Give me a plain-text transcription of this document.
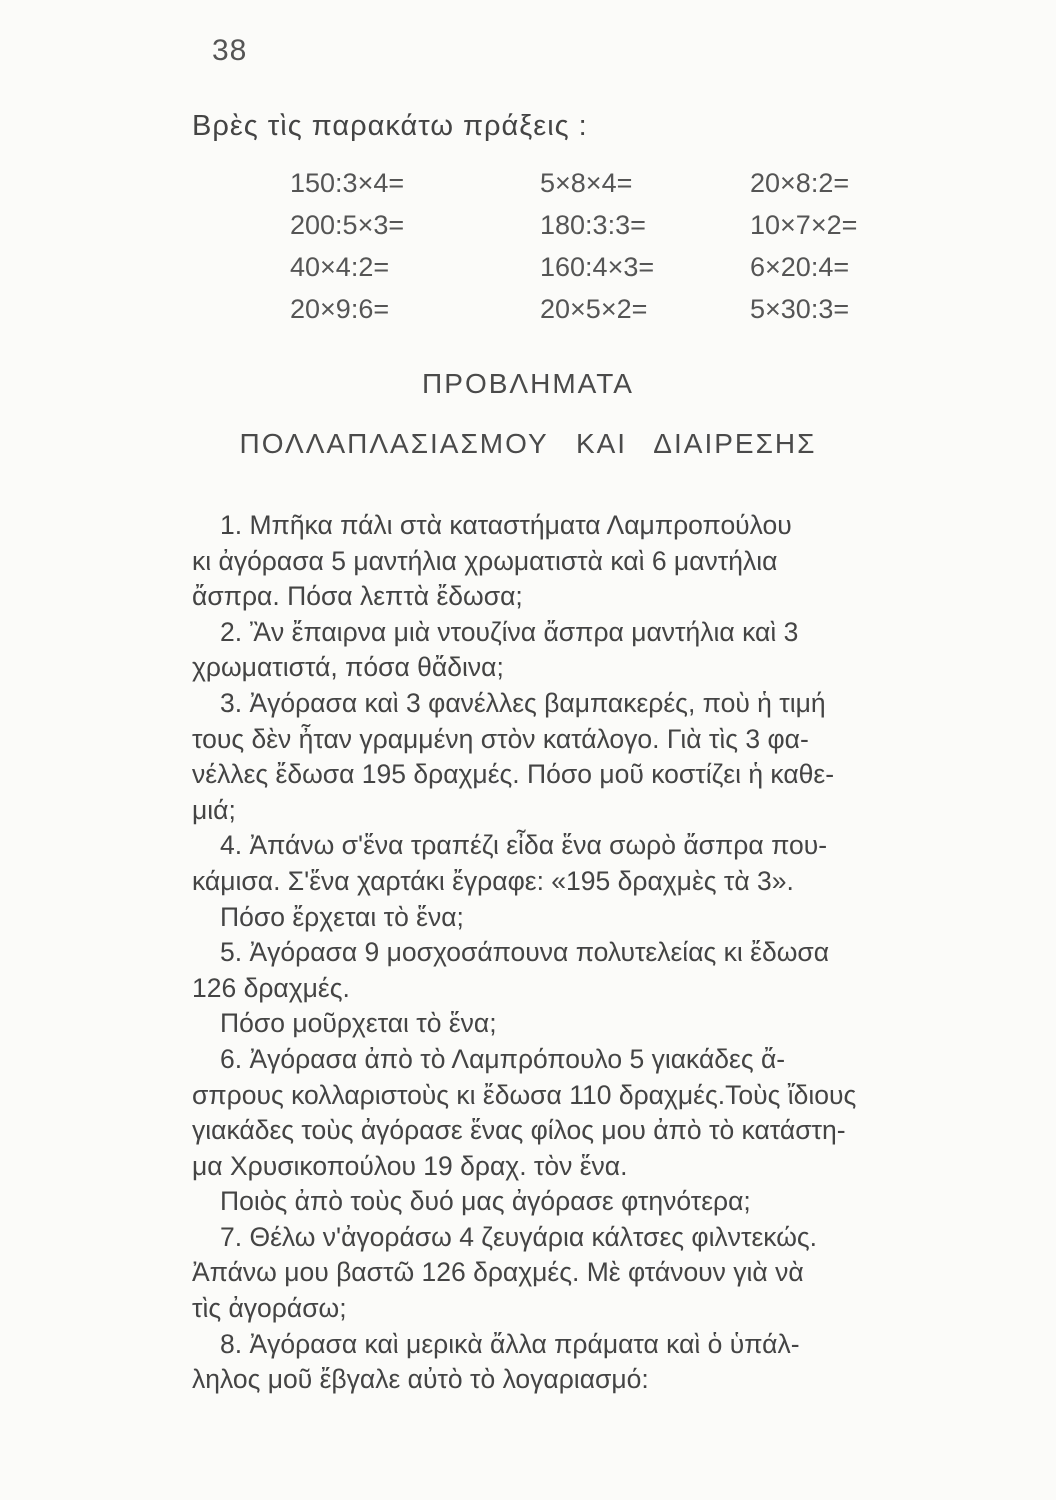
38
Βρὲς τὶς παρακάτω πράξεις :
150:3×4=	5×8×4=	20×8:2=
200:5×3=	180:3:3=	10×7×2=
40×4:2=	160:4×3=	6×20:4=
20×9:6=	20×5×2=	5×30:3=
ΠΡΟΒΛΗΜΑΤΑ
ΠΟΛΛΑΠΛΑΣΙΑΣΜΟΥ ΚΑΙ ΔΙΑΙΡΕΣΗΣ
1. Μπῆκα πάλι στὰ καταστήματα Λαμπροπούλου
κι ἀγόρασα 5 μαντήλια χρωματιστὰ καὶ 6 μαντήλια
ἄσπρα. Πόσα λεπτὰ ἔδωσα;
2. Ἂν ἔπαιρνα μιὰ ντουζίνα ἄσπρα μαντήλια καὶ 3
χρωματιστά, πόσα θἄδινα;
3. Ἀγόρασα καὶ 3 φανέλλες βαμπακερές, ποὺ ἡ τιμή
τους δὲν ἦταν γραμμένη στὸν κατάλογο. Γιὰ τὶς 3 φα-
νέλλες ἔδωσα 195 δραχμές. Πόσο μοῦ κοστίζει ἡ καθε-
μιά;
4. Ἀπάνω σ'ἕνα τραπέζι εἶδα ἕνα σωρὸ ἄσπρα που-
κάμισα. Σ'ἕνα χαρτάκι ἔγραφε: «195 δραχμὲς τὰ 3».
Πόσο ἔρχεται τὸ ἕνα;
5. Ἀγόρασα 9 μοσχοσάπουνα πολυτελείας κι ἔδωσα
126 δραχμές.
Πόσο μοῦρχεται τὸ ἕνα;
6. Ἀγόρασα ἀπὸ τὸ Λαμπρόπουλο 5 γιακάδες ἄ-
σπρους κολλαριστοὺς κι ἔδωσα 110 δραχμές.Τοὺς ἴδιους
γιακάδες τοὺς ἀγόρασε ἕνας φίλος μου ἀπὸ τὸ κατάστη-
μα Χρυσικοπούλου 19 δραχ. τὸν ἕνα.
Ποιὸς ἀπὸ τοὺς δυό μας ἀγόρασε φτηνότερα;
7. Θέλω ν'ἀγοράσω 4 ζευγάρια κάλτσες φιλντεκώς.
Ἀπάνω μου βαστῶ 126 δραχμές. Μὲ φτάνουν γιὰ νὰ
τὶς ἀγοράσω;
8. Ἀγόρασα καὶ μερικὰ ἄλλα πράματα καὶ ὁ ὑπάλ-
ληλος μοῦ ἔβγαλε αὐτὸ τὸ λογαριασμό:
